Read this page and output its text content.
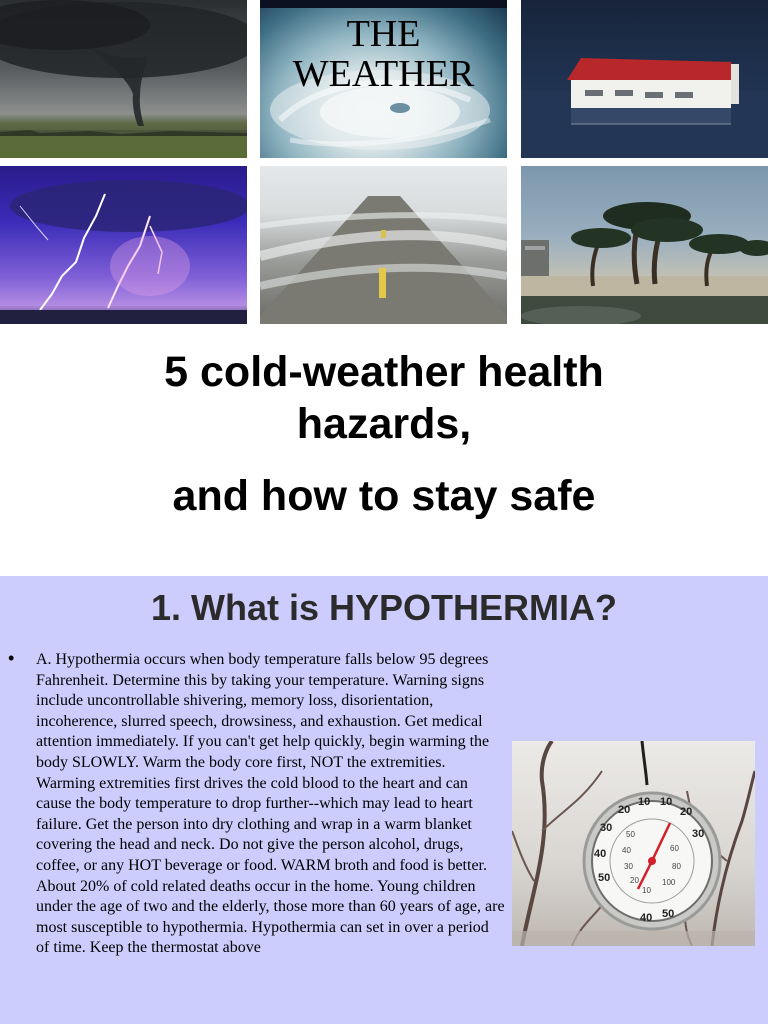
THE
WEATHER
5 cold-weather health
hazards,
and how to stay safe
1. What is HYPOTHERMIA?
• A. Hypothermia occurs when body temperature falls below 95 degrees Fahrenheit. Determine this by taking your temperature. Warning signs include uncontrollable shivering, memory loss, disorientation, incoherence, slurred speech, drowsiness, and exhaustion. Get medical attention immediately. If you can't get help quickly, begin warming the body SLOWLY. Warm the body core first, NOT the extremities. Warming extremities first drives the cold blood to the heart and can cause the body temperature to drop further--which may lead to heart failure. Get the person into dry clothing and wrap in a warm blanket covering the head and neck. Do not give the person alcohol, drugs, coffee, or any HOT beverage or food. WARM broth and food is better. About 20% of cold related deaths occur in the home. Young children under the age of two and the elderly, those more than 60 years of age, are most susceptible to hypothermia. Hypothermia can set in over a period of time. Keep the thermostat above

20
10 10
20
30
30
40
50
50
40
50
40
30
20
10
60
80
100
